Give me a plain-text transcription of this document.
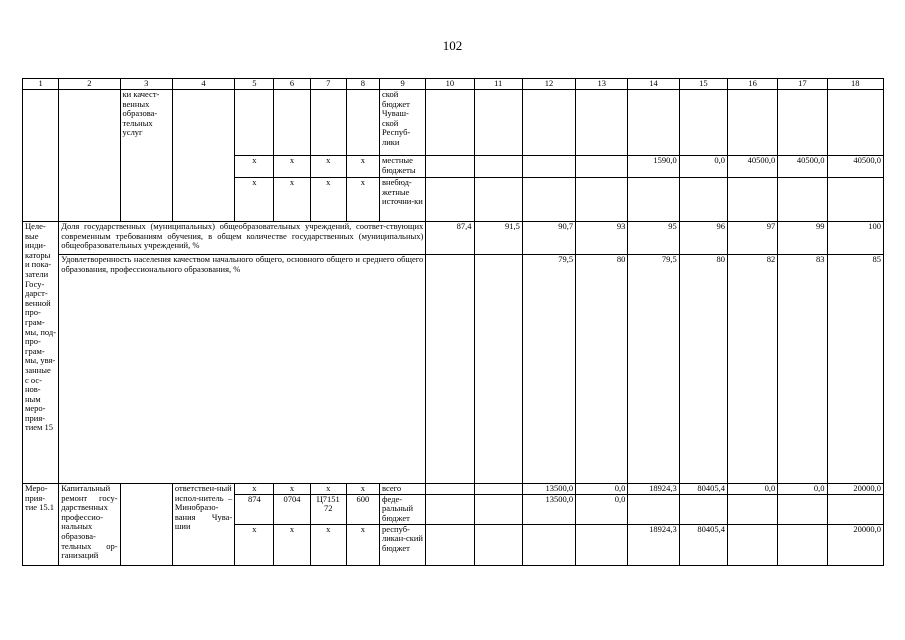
102
1	2	3	4	5	6	7	8	9	10	11	12	13	14	15	16	17	18
		ки качест-венных образова-тельных услуг						ской бюджет Чуваш-ской Респуб-лики									
				x	x	x	x	местные бюджеты					1590,0	0,0	40500,0	40500,0	40500,0
				x	x	x	x	внебюд-жетные источни-ки									
Целе-вые инди-каторы и пока-затели Госу-дарст-венной про-грам-мы, под-про-грам-мы, увя-занные с ос-нов-ным меро-прия-тием 15	Доля государственных (муниципальных) общеобразовательных учреждений, соответ-ствующих современным требованиям обучения, в общем количестве государственных (муниципальных) общеобразовательных учреждений, %								87,4	91,5	90,7	93	95	96	97	99	100
	Удовлетворенность населения качеством начального общего, основного общего и среднего общего образования, профессионального образования, %										79,5	80	79,5	80	82	83	85
Меро-прия-тие 15.1	Капитальный ремонт госу-дарственных профессио-нальных образова-тельных ор-ганизаций		ответствен-ный испол-нитель – Минобразо-вания Чува-шии	x	x	x	x	всего			13500,0	0,0	18924,3	80405,4	0,0	0,0	20000,0
				874	0704	Ц7151 72	600	феде-ральный бюджет			13500,0	0,0					
				x	x	x	x	респуб-ликан-ский бюджет					18924,3	80405,4			20000,0
